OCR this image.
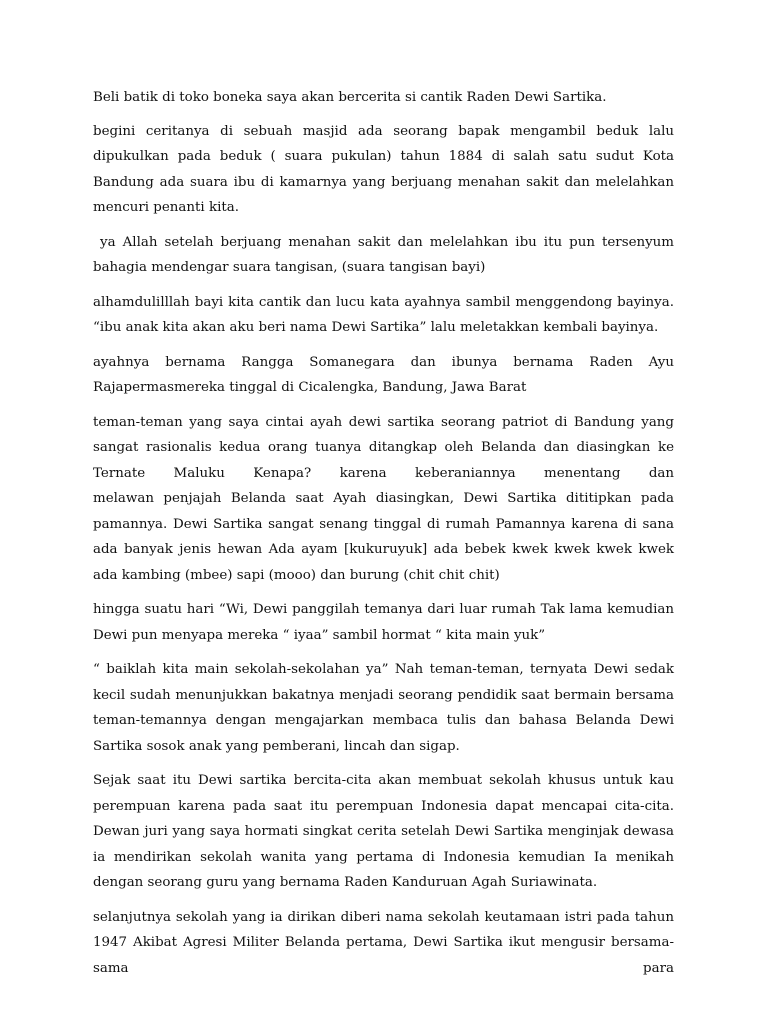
Beli batik di toko boneka saya akan bercerita si cantik Raden Dewi Sartika.

begini ceritanya di sebuah masjid ada seorang bapak mengambil beduk lalu dipukulkan pada beduk ( suara pukulan) tahun 1884 di salah satu sudut Kota Bandung ada suara ibu di kamarnya yang berjuang menahan sakit dan melelahkan mencuri penanti kita.

ya Allah setelah berjuang menahan sakit dan melelahkan ibu itu pun tersenyum bahagia mendengar suara tangisan, (suara tangisan bayi)

alhamdulilllah bayi kita cantik dan lucu kata ayahnya sambil menggendong bayinya. “ibu anak kita akan aku beri nama Dewi Sartika” lalu meletakkan kembali bayinya.

ayahnya bernama Rangga Somanegara dan ibunya bernama Raden Ayu Rajapermasmereka tinggal di Cicalengka, Bandung, Jawa Barat

teman-teman yang saya cintai ayah dewi sartika seorang patriot di Bandung yang sangat rasionalis kedua orang tuanya ditangkap oleh Belanda dan diasingkan ke Ternate Maluku Kenapa? karena keberaniannya menentang dan
melawan penjajah Belanda saat Ayah diasingkan, Dewi Sartika dititipkan pada pamannya. Dewi Sartika sangat senang tinggal di rumah Pamannya karena di sana ada banyak jenis hewan Ada ayam [kukuruyuk] ada bebek kwek kwek kwek kwek ada kambing (mbee) sapi (mooo) dan burung (chit chit chit)

hingga suatu hari “Wi, Dewi panggilah temanya dari luar rumah Tak lama kemudian Dewi pun menyapa mereka “ iyaa” sambil hormat “ kita main yuk”

“ baiklah kita main sekolah-sekolahan ya” Nah teman-teman, ternyata Dewi sedak kecil sudah menunjukkan bakatnya menjadi seorang pendidik saat bermain bersama teman-temannya dengan mengajarkan membaca tulis dan bahasa Belanda Dewi Sartika sosok anak yang pemberani, lincah dan sigap.

Sejak saat itu Dewi sartika bercita-cita akan membuat sekolah khusus untuk kau perempuan karena pada saat itu perempuan Indonesia dapat mencapai cita-cita. Dewan juri yang saya hormati singkat cerita setelah Dewi Sartika menginjak dewasa ia mendirikan sekolah wanita yang pertama di Indonesia kemudian Ia menikah dengan seorang guru yang bernama Raden Kanduruan Agah Suriawinata.

selanjutnya sekolah yang ia dirikan diberi nama sekolah keutamaan istri pada tahun 1947 Akibat Agresi Militer Belanda pertama, Dewi Sartika ikut mengusir bersama-sama para
